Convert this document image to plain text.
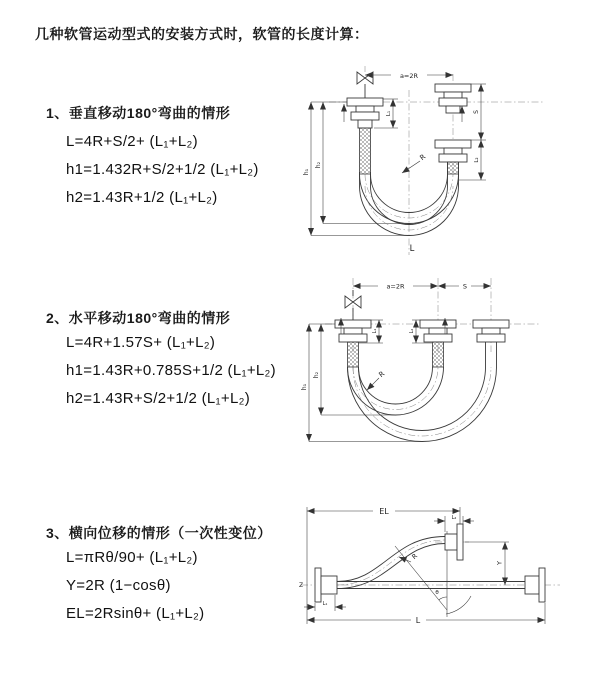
几种软管运动型式的安装方式时，软管的长度计算：
1、垂直移动180°弯曲的情形
L=4R+S/2+ (L₁+L₂)
h1=1.432R+S/2+1/2 (L₁+L₂)
h2=1.43R+1/2 (L₁+L₂)
a=2R
L₁	S
L₂
h₁
h₂
R
L
2、水平移动180°弯曲的情形
L=4R+1.57S+ (L₁+L₂)
h1=1.43R+0.785S+1/2 (L₁+L₂)
h2=1.43R+S/2+1/2 (L₁+L₂)
a=2R	S
L₁	L₂
h₁
h₂	R
3、横向位移的情形（一次性变位）
L=πRθ/90+ (L₁+L₂)
Y=2R (1−cosθ)
EL=2Rsinθ+ (L₁+L₂)
EL
L₂
Y
L
L₁
R
θ
Z
